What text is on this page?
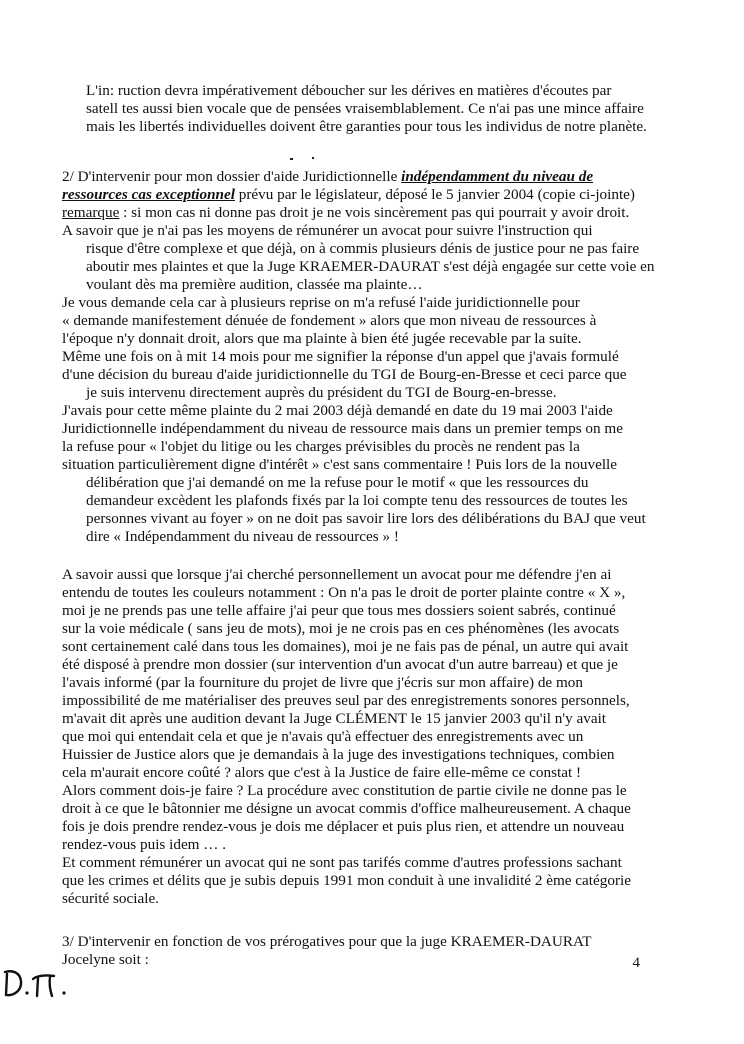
L'in: ruction devra impérativement déboucher sur les dérives en matières d'écoutes par
satell tes aussi bien vocale que de pensées vraisemblablement. Ce n'ai pas une mince affaire
mais les libertés individuelles doivent être garanties pour tous les individus de notre planète.
2/ D'intervenir pour mon dossier d'aide Juridictionnelle indépendamment du niveau de
ressources cas exceptionnel prévu par le législateur, déposé le 5 janvier 2004 (copie ci-jointe)
remarque : si mon cas ni donne pas droit je ne vois sincèrement pas qui pourrait y avoir droit.
A savoir que je n'ai pas les moyens de rémunérer un avocat pour suivre l'instruction qui
risque d'être complexe et que déjà, on à commis plusieurs dénis de justice pour ne pas faire
aboutir mes plaintes et que la Juge KRAEMER-DAURAT s'est déjà engagée sur cette voie en
voulant dès ma première audition, classée ma plainte…
Je vous demande cela car à plusieurs reprise on m'a refusé l'aide juridictionnelle pour
« demande manifestement dénuée de fondement » alors que mon niveau de ressources à
l'époque n'y donnait droit, alors que ma plainte à bien été jugée recevable par la suite.
Même une fois on à mit 14 mois pour me signifier la réponse d'un appel que j'avais formulé
d'une décision du bureau d'aide juridictionnelle du TGI de Bourg-en-Bresse et ceci parce que
je suis intervenu directement auprès du président du TGI de Bourg-en-bresse.
J'avais pour cette même plainte du 2 mai 2003 déjà demandé en date du 19 mai 2003 l'aide
Juridictionnelle indépendamment du niveau de ressource mais dans un premier temps on me
la refuse pour « l'objet du litige ou les charges prévisibles du procès ne rendent pas la
situation particulièrement digne d'intérêt » c'est sans commentaire ! Puis lors de la nouvelle
délibération que j'ai demandé on me la refuse pour le motif « que les ressources du
demandeur excèdent les plafonds fixés par la loi compte tenu des ressources de toutes les
personnes vivant au foyer » on ne doit pas savoir lire lors des délibérations du BAJ que veut
dire « Indépendamment du niveau de ressources » !
A savoir aussi que lorsque j'ai cherché personnellement un avocat pour me défendre j'en ai
entendu de toutes les couleurs notamment : On n'a pas le droit de porter plainte contre « X »,
moi je ne prends pas une telle affaire j'ai peur que tous mes dossiers soient sabrés, continué
sur la voie médicale ( sans jeu de mots), moi je ne crois pas en ces phénomènes (les avocats
sont certainement calé dans tous les domaines), moi je ne fais pas de pénal, un autre qui avait
été disposé à prendre mon dossier (sur intervention d'un avocat d'un autre barreau) et que je
l'avais informé (par la fourniture du projet de livre que j'écris sur mon affaire) de mon
impossibilité de me matérialiser des preuves seul par des enregistrements sonores personnels,
m'avait dit après une audition devant la Juge CLÉMENT le 15 janvier 2003 qu'il n'y avait
que moi qui entendait cela et que je n'avais qu'à effectuer des enregistrements avec un
Huissier de Justice alors que je demandais à la juge des investigations techniques, combien
cela m'aurait encore coûté ? alors que c'est à la Justice de faire elle-même ce constat !
Alors comment dois-je faire ? La procédure avec constitution de partie civile ne donne pas le
droit à ce que le bâtonnier me désigne un avocat commis d'office malheureusement. A chaque
fois je dois prendre rendez-vous je dois me déplacer et puis plus rien, et attendre un nouveau
rendez-vous puis idem … .
Et comment rémunérer un avocat qui ne sont pas tarifés comme d'autres professions sachant
que les crimes et délits que je subis depuis 1991 mon conduit à une invalidité 2 ème catégorie
sécurité sociale.
3/ D'intervenir en fonction de vos prérogatives pour que la juge KRAEMER-DAURAT
Jocelyne soit :	4
